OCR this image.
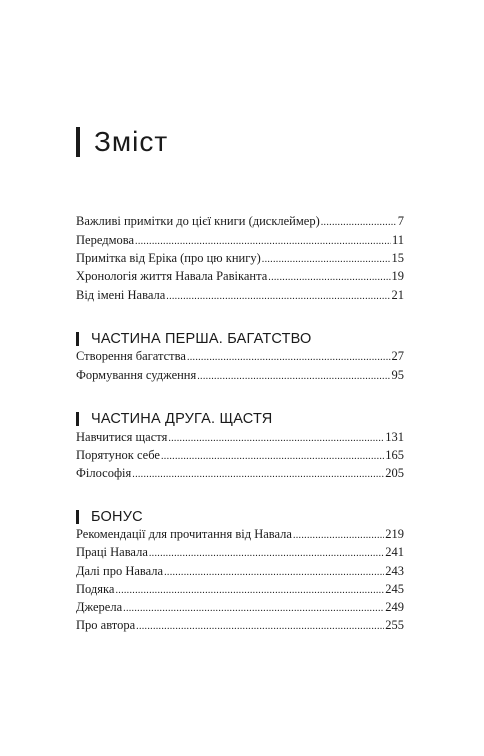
Зміст
Важливі примітки до цієї книги (дисклеймер) .....	7
Передмова .....	11
Примітка від Еріка (про цю книгу) .....	15
Хронологія життя Навала Равіканта .....	19
Від імені Навала .....	21
ЧАСТИНА ПЕРША. БАГАТСТВО
Створення багатства .....	27
Формування судження .....	95
ЧАСТИНА ДРУГА. ЩАСТЯ
Навчитися щастя .....	131
Порятунок себе .....	165
Філософія .....	205
БОНУС
Рекомендації для прочитання від Навала .....	219
Праці Навала .....	241
Далі про Навала .....	243
Подяка .....	245
Джерела .....	249
Про автора .....	255
